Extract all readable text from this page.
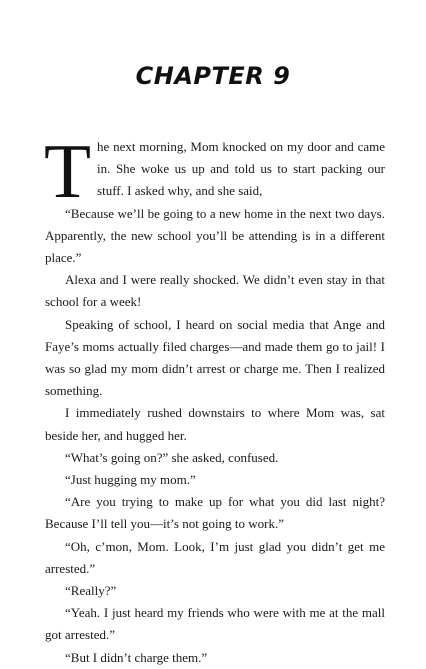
CHAPTER 9

The next morning, Mom knocked on my door and came in. She woke us up and told us to start packing our stuff. I asked why, and she said,

“Because we’ll be going to a new home in the next two days. Apparently, the new school you’ll be attending is in a different place.”

Alexa and I were really shocked. We didn’t even stay in that school for a week!

Speaking of school, I heard on social media that Ange and Faye’s moms actually filed charges—and made them go to jail! I was so glad my mom didn’t arrest or charge me. Then I realized something.

I immediately rushed downstairs to where Mom was, sat beside her, and hugged her.

“What’s going on?” she asked, confused.

“Just hugging my mom.”

“Are you trying to make up for what you did last night? Because I’ll tell you—it’s not going to work.”

“Oh, c’mon, Mom. Look, I’m just glad you didn’t get me arrested.”

“Really?”

“Yeah. I just heard my friends who were with me at the mall got arrested.”

“But I didn’t charge them.”
